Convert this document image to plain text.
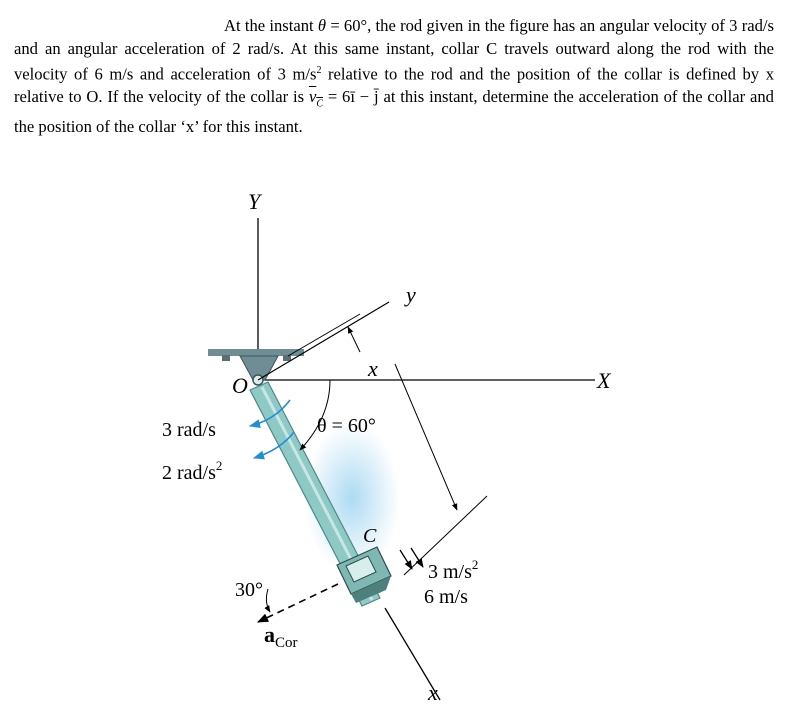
At the instant θ = 60°, the rod given in the figure has an angular velocity of 3 rad/s and an angular acceleration of 2 rad/s. At this same instant, collar C travels outward along the rod with the velocity of 6 m/s and acceleration of 3 $m/s^2$ relative to the rod and the position of the collar is defined by x relative to O. If the velocity of the collar is $v_C$ = 6ī − j̄ at this instant, determine the acceleration of the collar and the position of the collar ‘x’ for this instant.

Y
X
y
x
x
O
3 rad/s
2 rad/$s^2$
θ = 60°
C
3 $m/s^2$
6 m/s
30°
$a_{Cor}$
